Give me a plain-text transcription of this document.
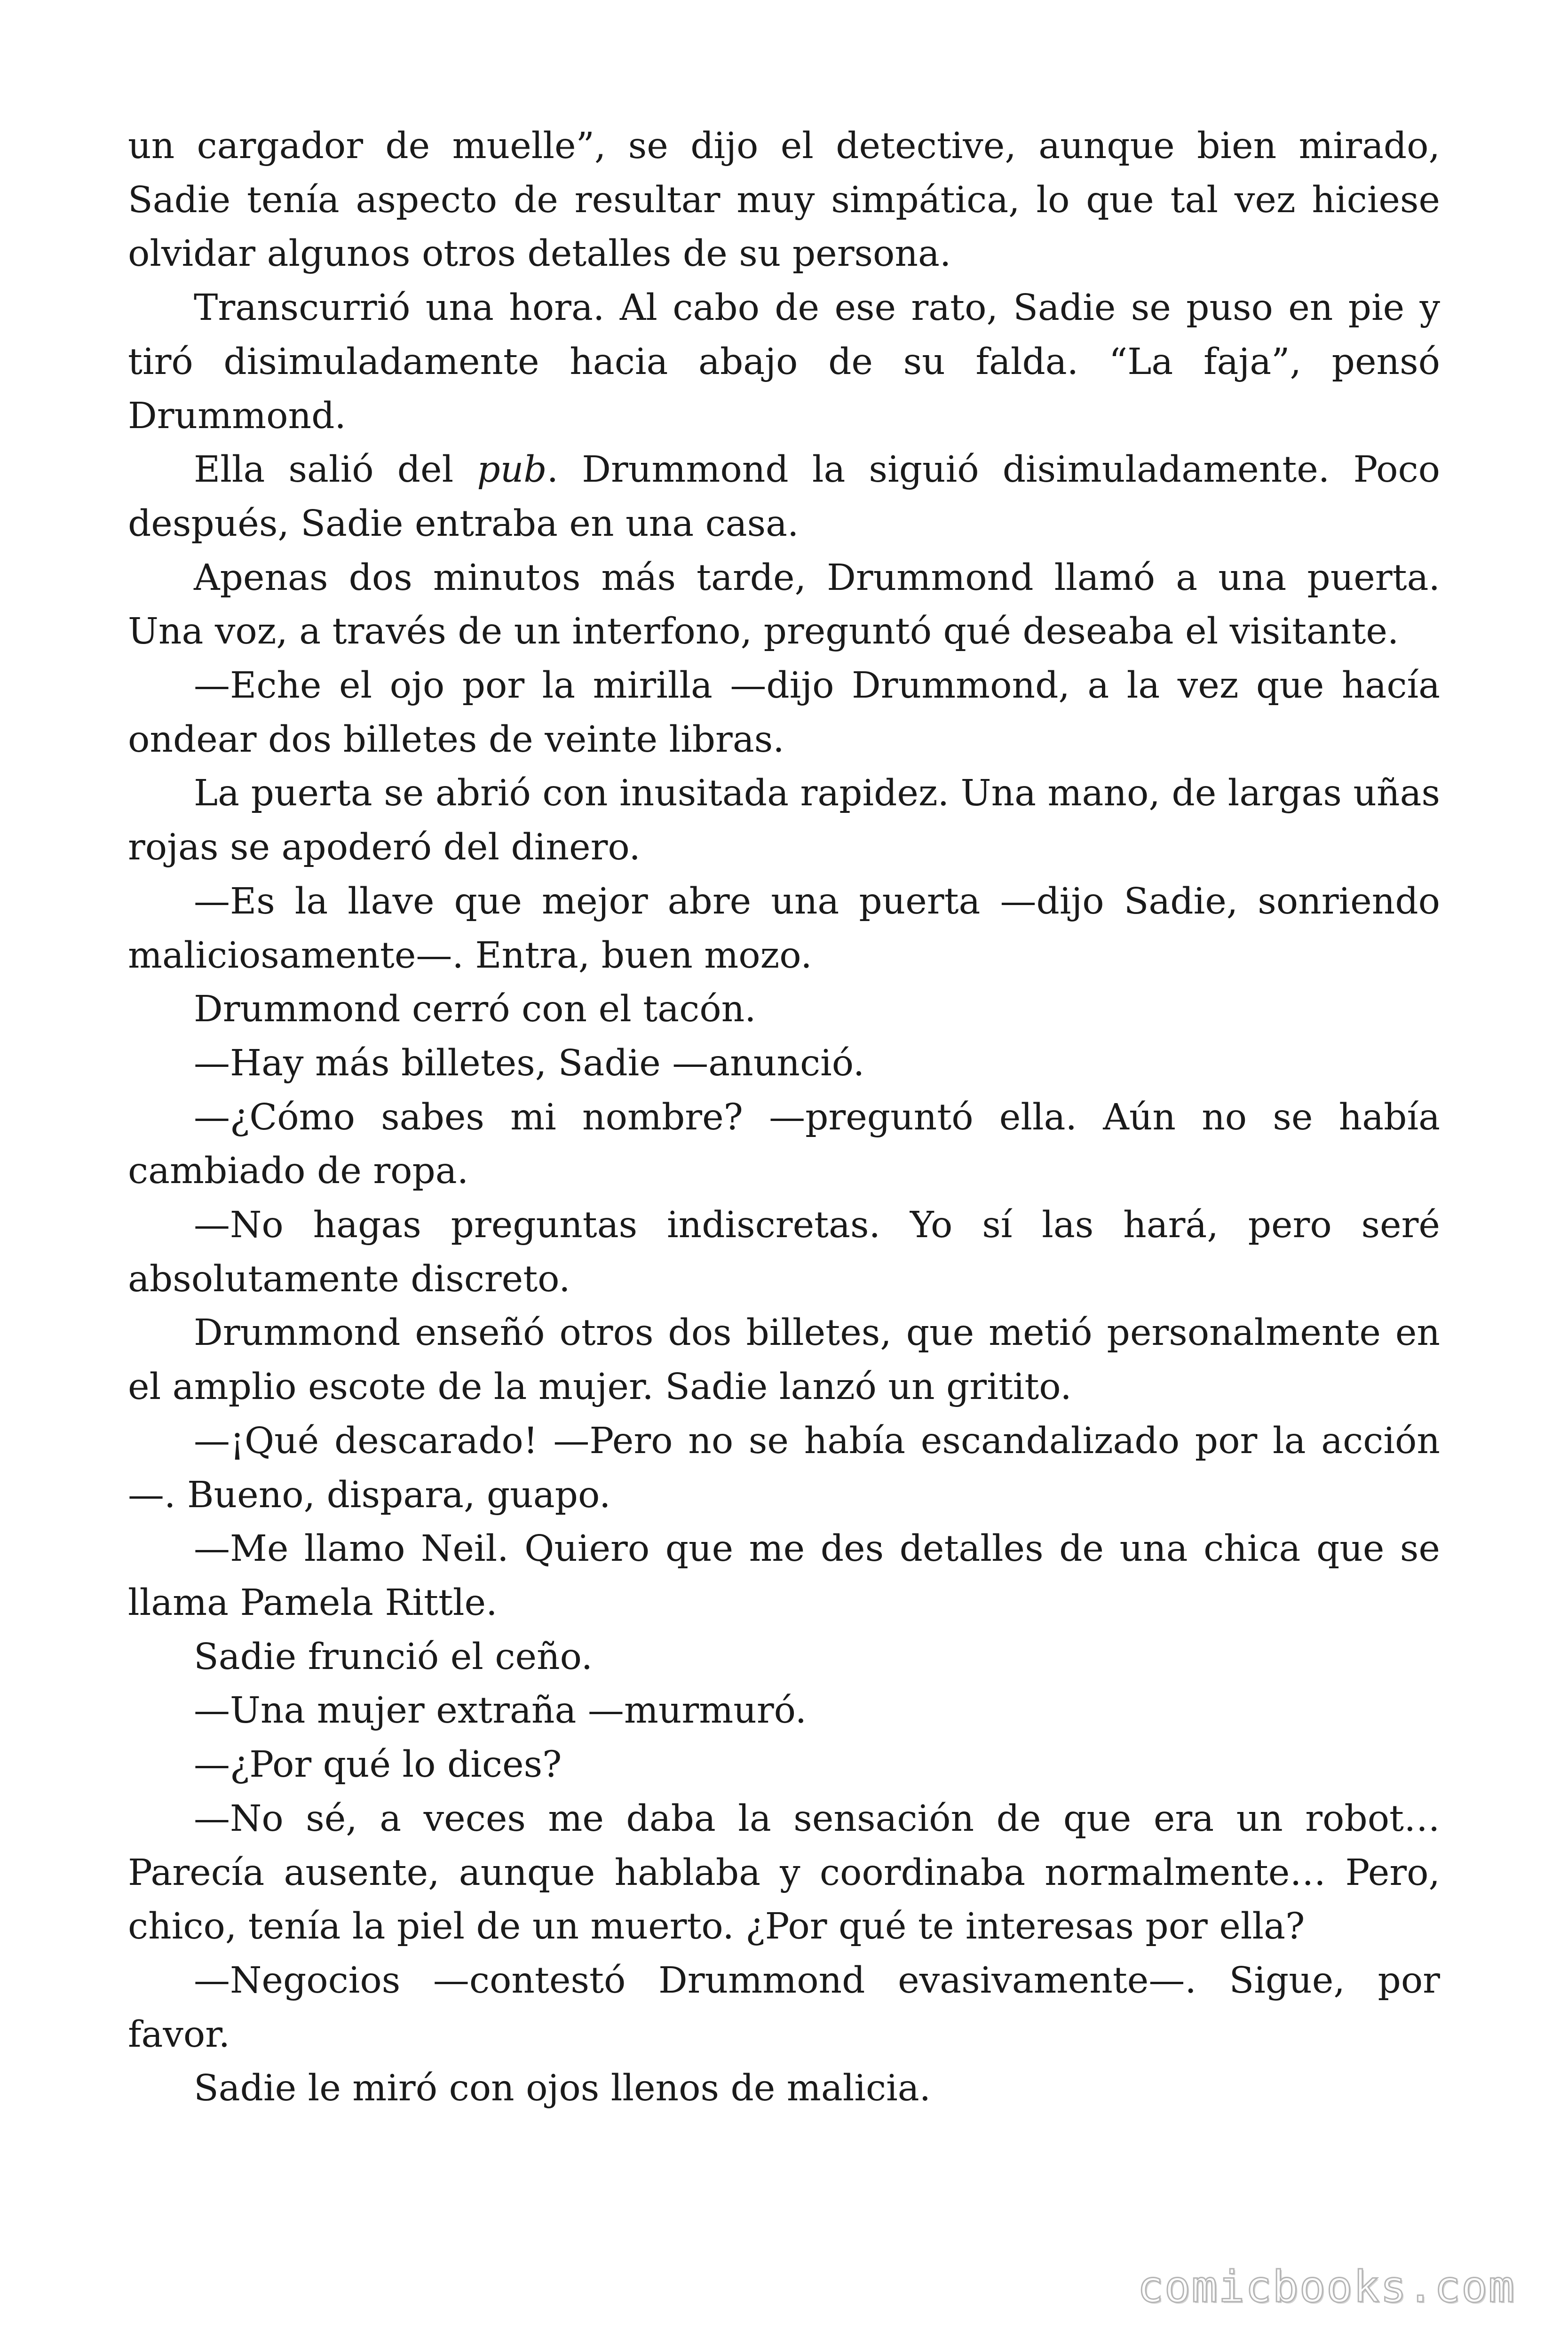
un cargador de muelle”, se dijo el detective, aunque bien mirado, Sadie tenía aspecto de resultar muy simpática, lo que tal vez hiciese olvidar algunos otros detalles de su persona.

Transcurrió una hora. Al cabo de ese rato, Sadie se puso en pie y tiró disimuladamente hacia abajo de su falda. “La faja”, pensó Drummond.

Ella salió del pub. Drummond la siguió disimuladamente. Poco después, Sadie entraba en una casa.

Apenas dos minutos más tarde, Drummond llamó a una puerta. Una voz, a través de un interfono, preguntó qué deseaba el visitante.

—Eche el ojo por la mirilla —dijo Drummond, a la vez que hacía ondear dos billetes de veinte libras.

La puerta se abrió con inusitada rapidez. Una mano, de largas uñas rojas se apoderó del dinero.

—Es la llave que mejor abre una puerta —dijo Sadie, sonriendo maliciosamente—. Entra, buen mozo.

Drummond cerró con el tacón.

—Hay más billetes, Sadie —anunció.

—¿Cómo sabes mi nombre? —preguntó ella. Aún no se había cambiado de ropa.

—No hagas preguntas indiscretas. Yo sí las hará, pero seré absolutamente discreto.

Drummond enseñó otros dos billetes, que metió personalmente en el amplio escote de la mujer. Sadie lanzó un gritito.

—¡Qué descarado! —Pero no se había escandalizado por la acción—. Bueno, dispara, guapo.

—Me llamo Neil. Quiero que me des detalles de una chica que se llama Pamela Rittle.

Sadie frunció el ceño.

—Una mujer extraña —murmuró.

—¿Por qué lo dices?

—No sé, a veces me daba la sensación de que era un robot… Parecía ausente, aunque hablaba y coordinaba normalmente… Pero, chico, tenía la piel de un muerto. ¿Por qué te interesas por ella?

—Negocios —contestó Drummond evasivamente—. Sigue, por favor.

Sadie le miró con ojos llenos de malicia.

comicbooks.com
